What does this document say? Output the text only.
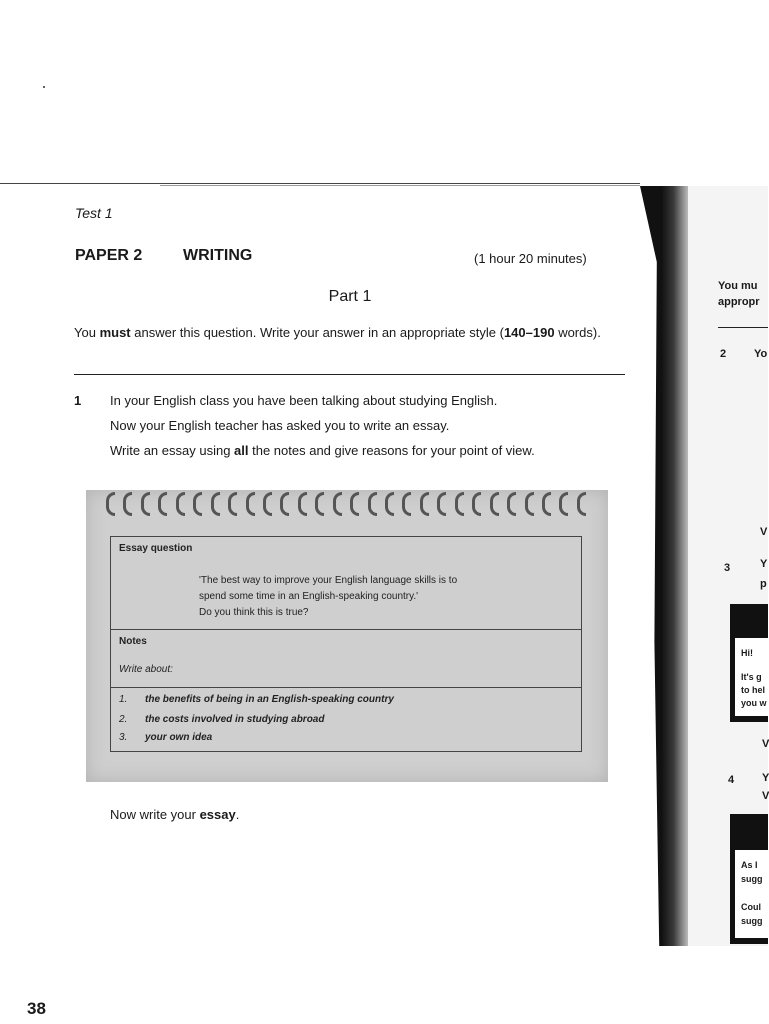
Test 1
PAPER 2	WRITING	(1 hour 20 minutes)
Part 1
You must answer this question. Write your answer in an appropriate style (140–190 words).
1 In your English class you have been talking about studying English.
Now your English teacher has asked you to write an essay.
Write an essay using all the notes and give reasons for your point of view.
Essay question
'The best way to improve your English language skills is to
spend some time in an English-speaking country.'
Do you think this is true?
Notes
Write about:
1. the benefits of being in an English-speaking country
2. the costs involved in studying abroad
3. your own idea
Now write your essay.
38
You mu
appropr
2	Yo
V
3	Y
p
Hi!
It's g
to hel
you w
V
4	Y
V
As I
sugg
Coul
sugg
